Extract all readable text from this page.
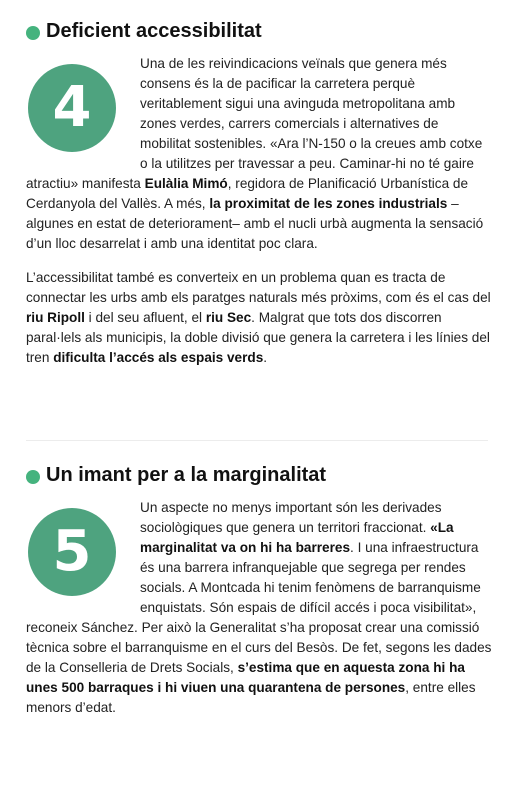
Deficient accessibilitat
4

Una de les reivindicacions veïnals que genera més consens és la de pacificar la carretera perquè veritablement sigui una avinguda metropolitana amb zones verdes, carrers comercials i alternatives de mobilitat sostenibles. «Ara l’N-150 o la creues amb cotxe o la utilitzes per travessar a peu. Caminar-hi no té gaire atractiu» manifesta Eulàlia Mimó, regidora de Planificació Urbanística de Cerdanyola del Vallès. A més, la proximitat de les zones industrials –algunes en estat de deteriorament– amb el nucli urbà augmenta la sensació d’un lloc desarrelat i amb una identitat poc clara.

L’accessibilitat també es converteix en un problema quan es tracta de connectar les urbs amb els paratges naturals més pròxims, com és el cas del riu Ripoll i del seu afluent, el riu Sec. Malgrat que tots dos discorren paral·lels als municipis, la doble divisió que genera la carretera i les línies del tren dificulta l’accés als espais verds.

Un imant per a la marginalitat
5

Un aspecte no menys important són les derivades sociològiques que genera un territori fraccionat. «La marginalitat va on hi ha barreres. I una infraestructura és una barrera infranquejable que segrega per rendes socials. A Montcada hi tenim fenòmens de barranquisme enquistats. Són espais de difícil accés i poca visibilitat», reconeix Sánchez. Per això la Generalitat s’ha proposat crear una comissió tècnica sobre el barranquisme en el curs del Besòs. De fet, segons les dades de la Conselleria de Drets Socials, s’estima que en aquesta zona hi ha unes 500 barraques i hi viuen una quarantena de persones, entre elles menors d’edat.
